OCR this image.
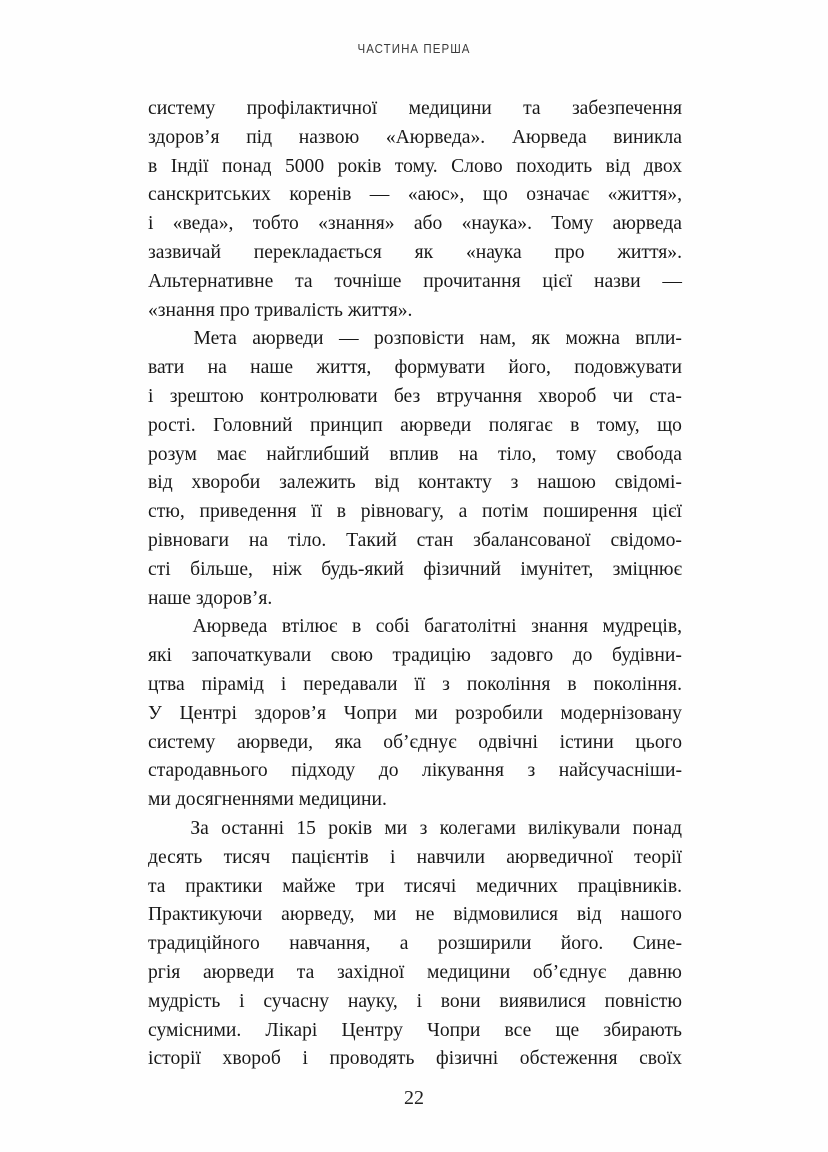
ЧАСТИНА ПЕРША

систему профілактичної медицини та забезпечення
здоров’я під назвою «Аюрведа». Аюрведа виникла
в Індії понад 5000 років тому. Слово походить від двох
санскритських коренів — «аюс», що означає «життя»,
і «веда», тобто «знання» або «наука». Тому аюрведа
зазвичай перекладається як «наука про життя».
Альтернативне та точніше прочитання цієї назви —
«знання про тривалість життя».

Мета аюрведи — розповісти нам, як можна впли-
вати на наше життя, формувати його, подовжувати
і зрештою контролювати без втручання хвороб чи ста-
рості. Головний принцип аюрведи полягає в тому, що
розум має найглибший вплив на тіло, тому свобода
від хвороби залежить від контакту з нашою свідомі-
стю, приведення її в рівновагу, а потім поширення цієї
рівноваги на тіло. Такий стан збалансованої свідомо-
сті більше, ніж будь-який фізичний імунітет, зміцнює
наше здоров’я.

Аюрведа втілює в собі багатолітні знання мудреців,
які започаткували свою традицію задовго до будівни-
цтва пірамід і передавали її з покоління в покоління.
У Центрі здоров’я Чопри ми розробили модернізовану
систему аюрведи, яка об’єднує одвічні істини цього
стародавнього підходу до лікування з найсучасніши-
ми досягненнями медицини.

За останні 15 років ми з колегами вилікували понад
десять тисяч пацієнтів і навчили аюрведичної теорії
та практики майже три тисячі медичних працівників.
Практикуючи аюрведу, ми не відмовилися від нашого
традиційного навчання, а розширили його. Сине-
ргія аюрведи та західної медицини об’єднує давню
мудрість і сучасну науку, і вони виявилися повністю
сумісними. Лікарі Центру Чопри все ще збирають
історії хвороб і проводять фізичні обстеження своїх

22
